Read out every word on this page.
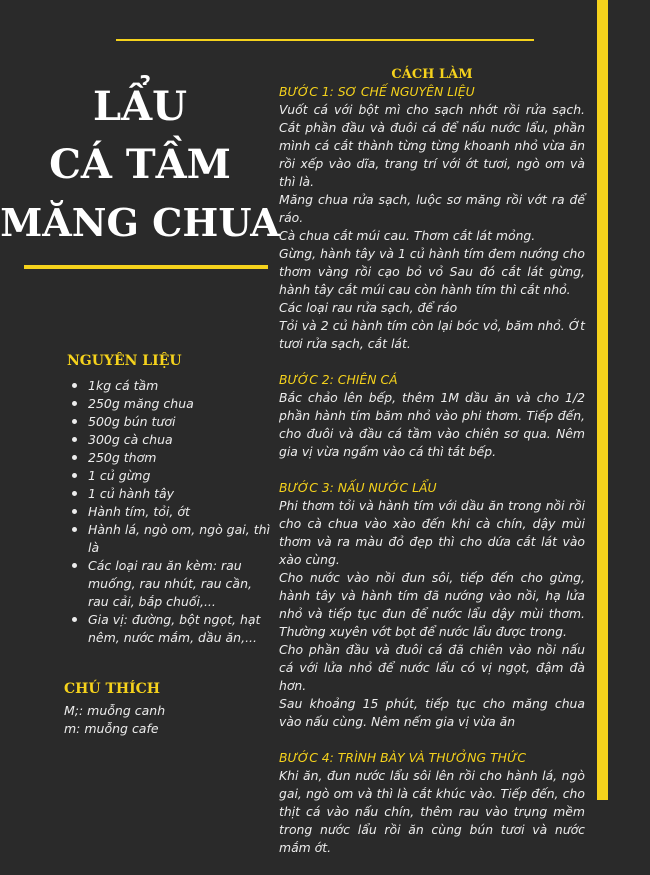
LẨU
CÁ TẦM
MĂNG CHUA
NGUYÊN LIỆU
1kg cá tầm
250g măng chua
500g bún tươi
300g cà chua
250g thơm
1 củ gừng
1 củ hành tây
Hành tím, tỏi, ớt
Hành lá, ngò om, ngò gai, thì là
Các loại rau ăn kèm: rau muống, rau nhút, rau cần, rau cải, bắp chuối,...
Gia vị: đường, bột ngọt, hạt nêm, nước mắm, dầu ăn,...
CHÚ THÍCH
M;: muỗng canh
m: muỗng cafe
CÁCH LÀM
BƯỚC 1: SƠ CHẾ NGUYÊN LIỆU
Vuốt cá với bột mì cho sạch nhớt rồi rửa sạch. Cắt phần đầu và đuôi cá để nấu nước lẩu, phần mình cá cắt thành từng từng khoanh nhỏ vừa ăn rồi xếp vào dĩa, trang trí với ớt tươi, ngò om và thì là.
Măng chua rửa sạch, luộc sơ măng rồi vớt ra để ráo.
Cà chua cắt múi cau. Thơm cắt lát mỏng.
Gừng, hành tây và 1 củ hành tím đem nướng cho thơm vàng rồi cạo bỏ vỏ Sau đó cắt lát gừng, hành tây cắt múi cau còn hành tím thì cắt nhỏ.
Các loại rau rửa sạch, để ráo
Tỏi và 2 củ hành tím còn lại bóc vỏ, băm nhỏ. Ớt tươi rửa sạch, cắt lát.
BƯỚC 2: CHIÊN CÁ
Bắc chảo lên bếp, thêm 1M dầu ăn và cho 1/2 phần hành tím băm nhỏ vào phi thơm. Tiếp đến, cho đuôi và đầu cá tầm vào chiên sơ qua. Nêm gia vị vừa ngấm vào cá thì tắt bếp.
BƯỚC 3: NẤU NƯỚC LẨU
Phi thơm tỏi và hành tím với dầu ăn trong nồi rồi cho cà chua vào xào đến khi cà chín, dậy mùi thơm và ra màu đỏ đẹp thì cho dứa cắt lát vào xào cùng.
Cho nước vào nồi đun sôi, tiếp đến cho gừng, hành tây và hành tím đã nướng vào nồi, hạ lửa nhỏ và tiếp tục đun để nước lẩu dậy mùi thơm. Thường xuyên vớt bọt để nước lẩu được trong.
Cho phần đầu và đuôi cá đã chiên vào nồi nấu cá với lửa nhỏ để nước lẩu có vị ngọt, đậm đà hơn.
Sau khoảng 15 phút, tiếp tục cho măng chua vào nấu cùng. Nêm nếm gia vị vừa ăn
BƯỚC 4: TRÌNH BÀY VÀ THƯỞNG THỨC
Khi ăn, đun nước lẩu sôi lên rồi cho hành lá, ngò gai, ngò om và thì là cắt khúc vào. Tiếp đến, cho thịt cá vào nấu chín, thêm rau vào trụng mềm trong nước lẩu rồi ăn cùng bún tươi và nước mắm ớt.
